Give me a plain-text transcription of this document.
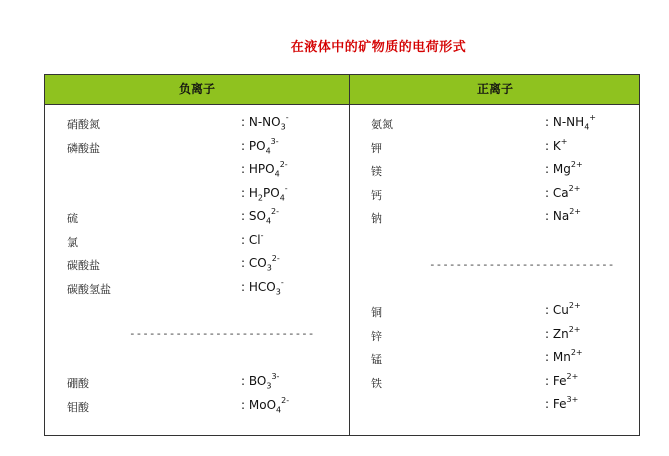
在液体中的矿物质的电荷形式
负离子	正离子
----------------------------
----------------------------
硝酸氮	: $N-NO_3^-$
磷酸盐	: $PO_4^{3-}$
: $HPO_4^{2-}$
: $H_2PO_4^-$
硫	: $SO_4^{2-}$
氯	: Cl-
碳酸盐	: $CO_3^{2-}$
碳酸氢盐	: $HCO_3^-$
硼酸	: $BO_3^{3-}$
钼酸	: MoO$_4^{2-}$
氨氮	: $N-NH_4^+$
钾	: K+
镁	: $Mg^{2+}$
钙	: $Ca^{2+}$
钠	: $Na^{2+}$
铜	: $Cu^{2+}$
锌	: $Zn^{2+}$
锰	: $Mn^{2+}$
铁	: $Fe^{2+}$
: $Fe^{3+}$
